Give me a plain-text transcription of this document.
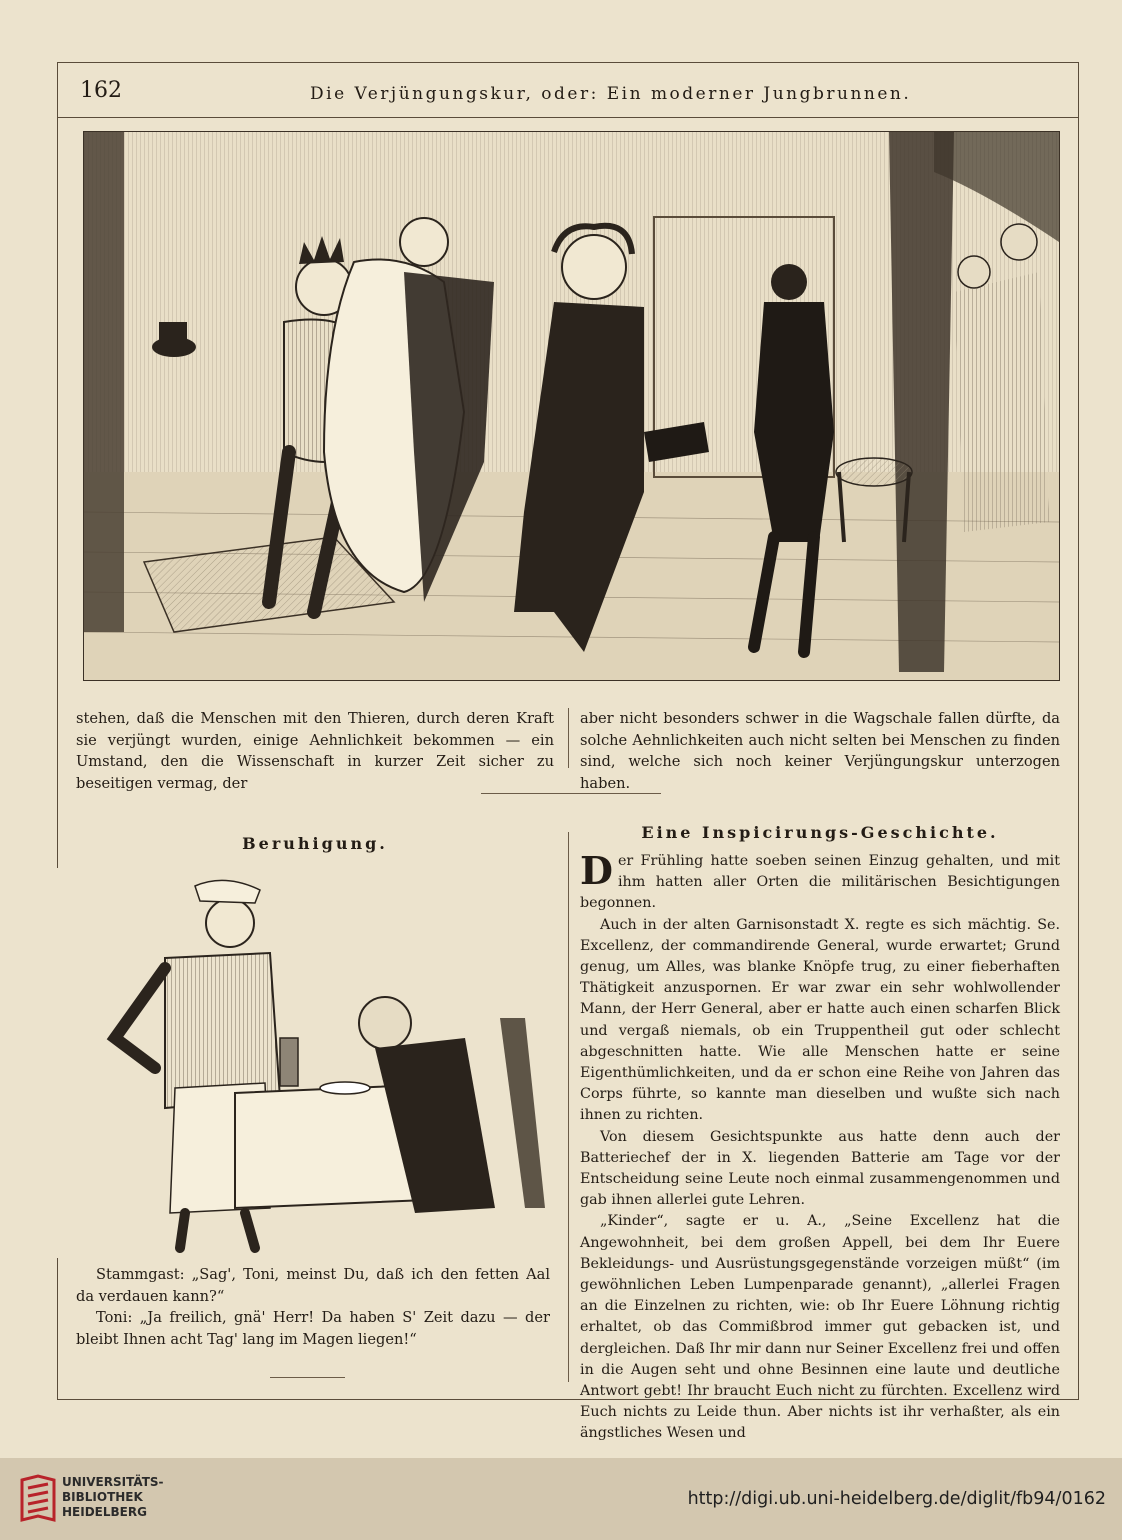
162	Die Verjüngungskur, oder: Ein moderner Jungbrunnen.

stehen, daß die Menschen mit den Thieren, durch deren Kraft sie verjüngt wurden, einige Aehnlichkeit bekommen — ein Umstand, den die Wissenschaft in kurzer Zeit sicher zu beseitigen vermag, der

aber nicht besonders schwer in die Wagschale fallen dürfte, da solche Aehnlichkeiten auch nicht selten bei Menschen zu finden sind, welche sich noch keiner Verjüngungskur unterzogen haben.

Beruhigung.

Stammgast: „Sag', Toni, meinst Du, daß ich den fetten Aal da verdauen kann?“

Toni: „Ja freilich, gnä' Herr! Da haben S' Zeit dazu — der bleibt Ihnen acht Tag' lang im Magen liegen!“

Eine Inspicirungs-Geschichte.

Der Frühling hatte soeben seinen Einzug gehalten, und mit ihm hatten aller Orten die militärischen Besichtigungen begonnen.

Auch in der alten Garnisonstadt X. regte es sich mächtig. Se. Excellenz, der commandirende General, wurde erwartet; Grund genug, um Alles, was blanke Knöpfe trug, zu einer fieberhaften Thätigkeit anzuspornen. Er war zwar ein sehr wohlwollender Mann, der Herr General, aber er hatte auch einen scharfen Blick und vergaß niemals, ob ein Truppentheil gut oder schlecht abgeschnitten hatte. Wie alle Menschen hatte er seine Eigenthümlichkeiten, und da er schon eine Reihe von Jahren das Corps führte, so kannte man dieselben und wußte sich nach ihnen zu richten.

Von diesem Gesichtspunkte aus hatte denn auch der Batteriechef der in X. liegenden Batterie am Tage vor der Entscheidung seine Leute noch einmal zusammengenommen und gab ihnen allerlei gute Lehren.

„Kinder“, sagte er u. A., „Seine Excellenz hat die Angewohnheit, bei dem großen Appell, bei dem Ihr Euere Bekleidungs- und Ausrüstungsgegenstände vorzeigen müßt“ (im gewöhnlichen Leben Lumpenparade genannt), „allerlei Fragen an die Einzelnen zu richten, wie: ob Ihr Euere Löhnung richtig erhaltet, ob das Commißbrod immer gut gebacken ist, und dergleichen. Daß Ihr mir dann nur Seiner Excellenz frei und offen in die Augen seht und ohne Besinnen eine laute und deutliche Antwort gebt! Ihr braucht Euch nicht zu fürchten. Excellenz wird Euch nichts zu Leide thun. Aber nichts ist ihr verhaßter, als ein ängstliches Wesen und

UNIVERSITÄTS-
BIBLIOTHEK
HEIDELBERG
http://digi.ub.uni-heidelberg.de/diglit/fb94/0162
